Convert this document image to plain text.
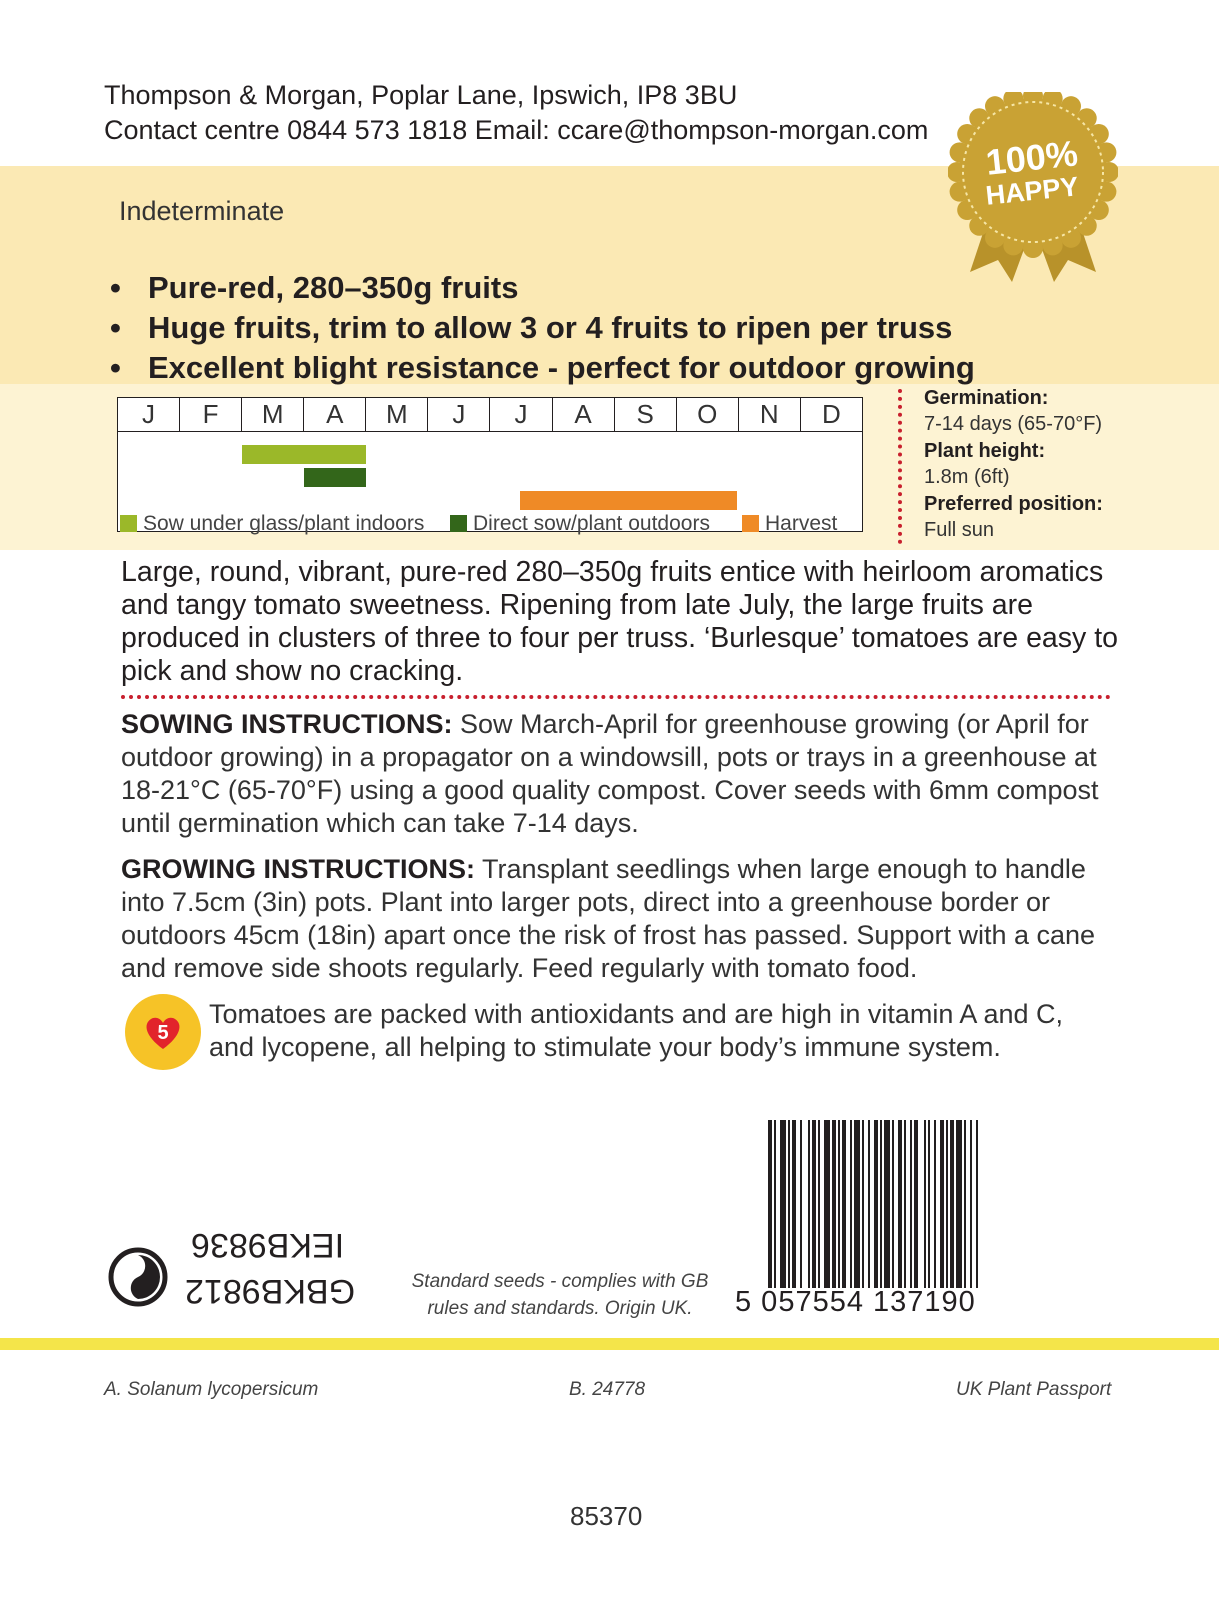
Thompson & Morgan, Poplar Lane, Ipswich, IP8 3BU
Contact centre 0844 573 1818 Email: ccare@thompson-morgan.com
100%
HAPPY
Indeterminate
• Pure-red, 280–350g fruits
• Huge fruits, trim to allow 3 or 4 fruits to ripen per truss
• Excellent blight resistance - perfect for outdoor growing
J	F	M	A	M	J	J	A	S	O	N	D
Sow under glass/plant indoors	Direct sow/plant outdoors	Harvest
Germination:
7-14 days (65-70°F)
Plant height:
1.8m (6ft)
Preferred position:
Full sun
Large, round, vibrant, pure-red 280–350g fruits entice with heirloom aromatics and tangy tomato sweetness. Ripening from late July, the large fruits are produced in clusters of three to four per truss. ‘Burlesque’ tomatoes are easy to pick and show no cracking.
SOWING INSTRUCTIONS: Sow March-April for greenhouse growing (or April for outdoor growing) in a propagator on a windowsill, pots or trays in a greenhouse at 18-21°C (65-70°F) using a good quality compost. Cover seeds with 6mm compost until germination which can take 7-14 days.
GROWING INSTRUCTIONS: Transplant seedlings when large enough to handle into 7.5cm (3in) pots. Plant into larger pots, direct into a greenhouse border or outdoors 45cm (18in) apart once the risk of frost has passed. Support with a cane and remove side shoots regularly. Feed regularly with tomato food.
5
Tomatoes are packed with antioxidants and are high in vitamin A and C, and lycopene, all helping to stimulate your body’s immune system.
IEKB9836
GBKB9812	Standard seeds - complies with GB rules and standards. Origin UK.	5 057554 137190
A. Solanum lycopersicum	B. 24778	UK Plant Passport
85370
